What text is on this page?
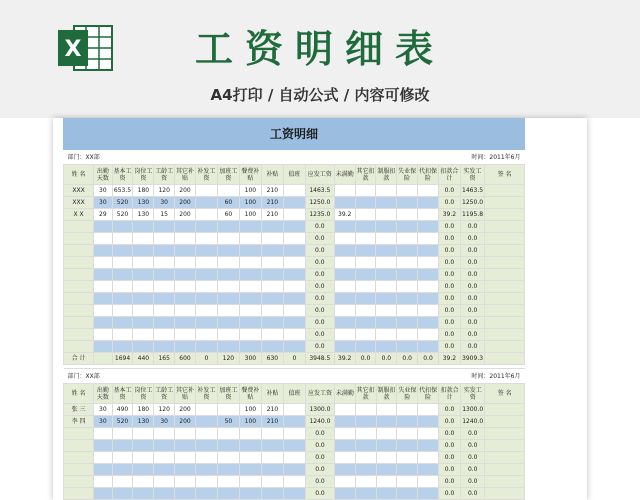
X	工资明细表
A4打印 / 自动公式 / 内容可修改
工资明细																			
部门：XX部										时间：2011年6月									
姓 名	出勤天数	基本工资	岗位工资	工龄工资	其它补贴	补发工资	加班工资	餐费补贴	补贴	值班	应发工资	未满勤	其它扣款	制服扣款	失业保险	代扣保险	扣款合计	实发工资	签 名
XXX	30	653.5	180	120	200			100	210		1463.5						0.0	1463.5	
XXX	30	520	130	30	200		60	100	210		1250.0						0.0	1250.0	
X X	29	520	130	15	200		60	100	210		1235.0	39.2					39.2	1195.8	
											0.0						0.0	0.0	
											0.0						0.0	0.0	
											0.0						0.0	0.0	
											0.0						0.0	0.0	
											0.0						0.0	0.0	
											0.0						0.0	0.0	
											0.0						0.0	0.0	
											0.0						0.0	0.0	
											0.0						0.0	0.0	
											0.0						0.0	0.0	
											0.0						0.0	0.0	
合 计		1694	440	165	600	0	120	300	630	0	3948.5	39.2	0.0	0.0	0.0	0.0	39.2	3909.3	
部门：XX部										时间：2011年6月									
姓 名	出勤天数	基本工资	岗位工资	工龄工资	其它补贴	补发工资	加班工资	餐费补贴	补贴	值班	应发工资	未满勤	其它扣款	制服扣款	失业保险	代扣保险	扣款合计	实发工资	签 名
张 三	30	490	180	120	200			100	210		1300.0						0.0	1300.0	
李 四	30	520	130	30	200		50	100	210		1240.0						0.0	1240.0	
											0.0						0.0	0.0	
											0.0						0.0	0.0	
											0.0						0.0	0.0	
											0.0						0.0	0.0	
											0.0						0.0	0.0	
											0.0						0.0	0.0	
